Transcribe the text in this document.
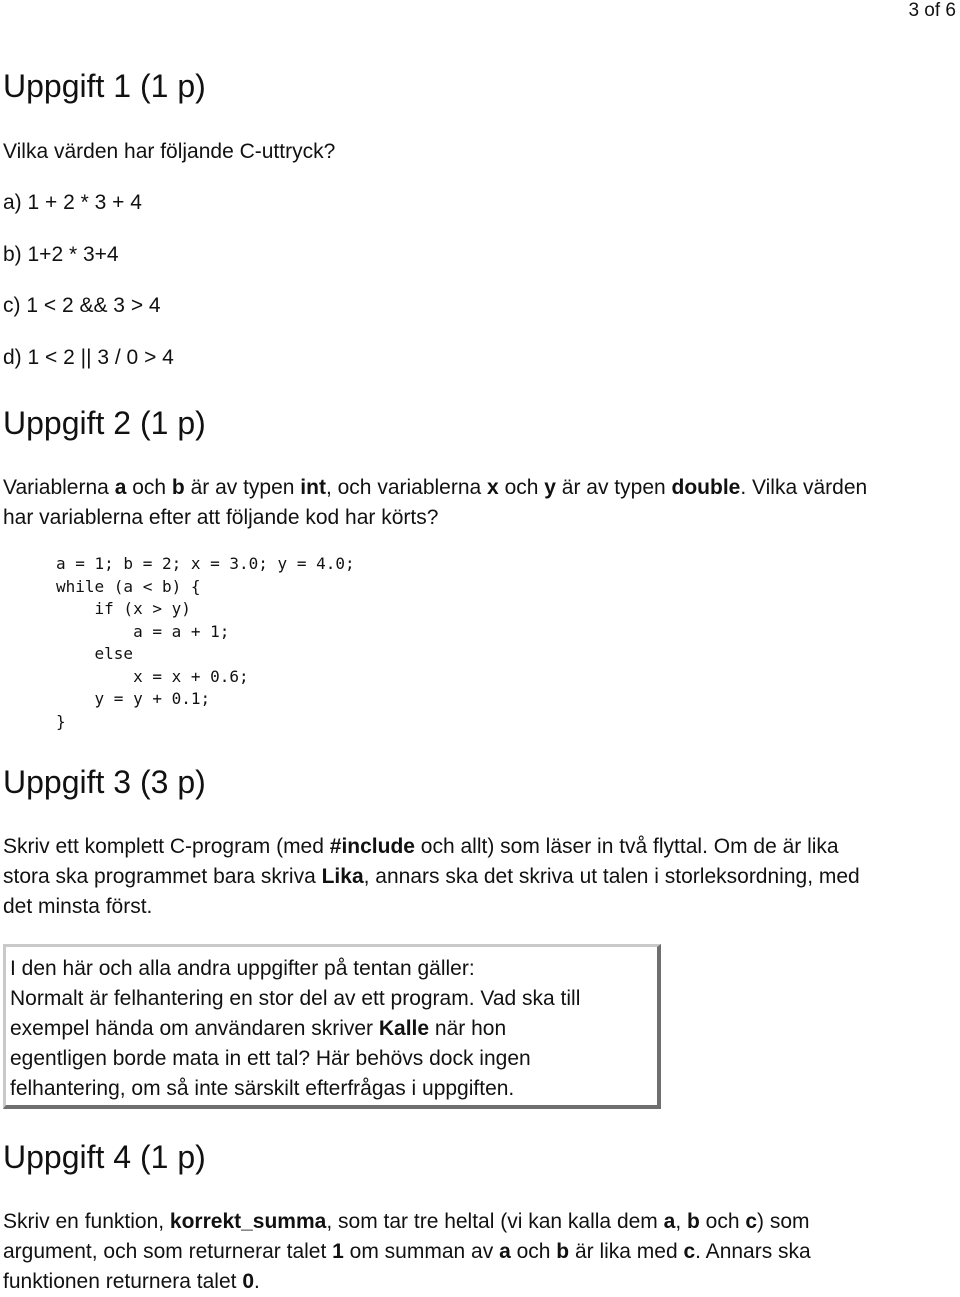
3 of 6
Uppgift 1 (1 p)
Vilka värden har följande C-uttryck?
a) 1 + 2 * 3 + 4
b) 1+2 * 3+4
c) 1 < 2 && 3 > 4
d) 1 < 2 || 3 / 0 > 4
Uppgift 2 (1 p)

Variablerna a och b är av typen int, och variablerna x och y är av typen double. Vilka värden har variablerna efter att följande kod har körts?

a = 1; b = 2; x = 3.0; y = 4.0;
while (a < b) {
if (x > y)
a = a + 1;
else
x = x + 0.6;
y = y + 0.1;
}
Uppgift 3 (3 p)

Skriv ett komplett C-program (med #include och allt) som läser in två flyttal. Om de är lika stora ska programmet bara skriva Lika, annars ska det skriva ut talen i storleksordning, med det minsta först.

I den här och alla andra uppgifter på tentan gäller:
Normalt är felhantering en stor del av ett program. Vad ska till
exempel hända om användaren skriver Kalle när hon
egentligen borde mata in ett tal? Här behövs dock ingen
felhantering, om så inte särskilt efterfrågas i uppgiften.
Uppgift 4 (1 p)

Skriv en funktion, korrekt_summa, som tar tre heltal (vi kan kalla dem a, b och c) som argument, och som returnerar talet 1 om summan av a och b är lika med c. Annars ska funktionen returnera talet 0.
